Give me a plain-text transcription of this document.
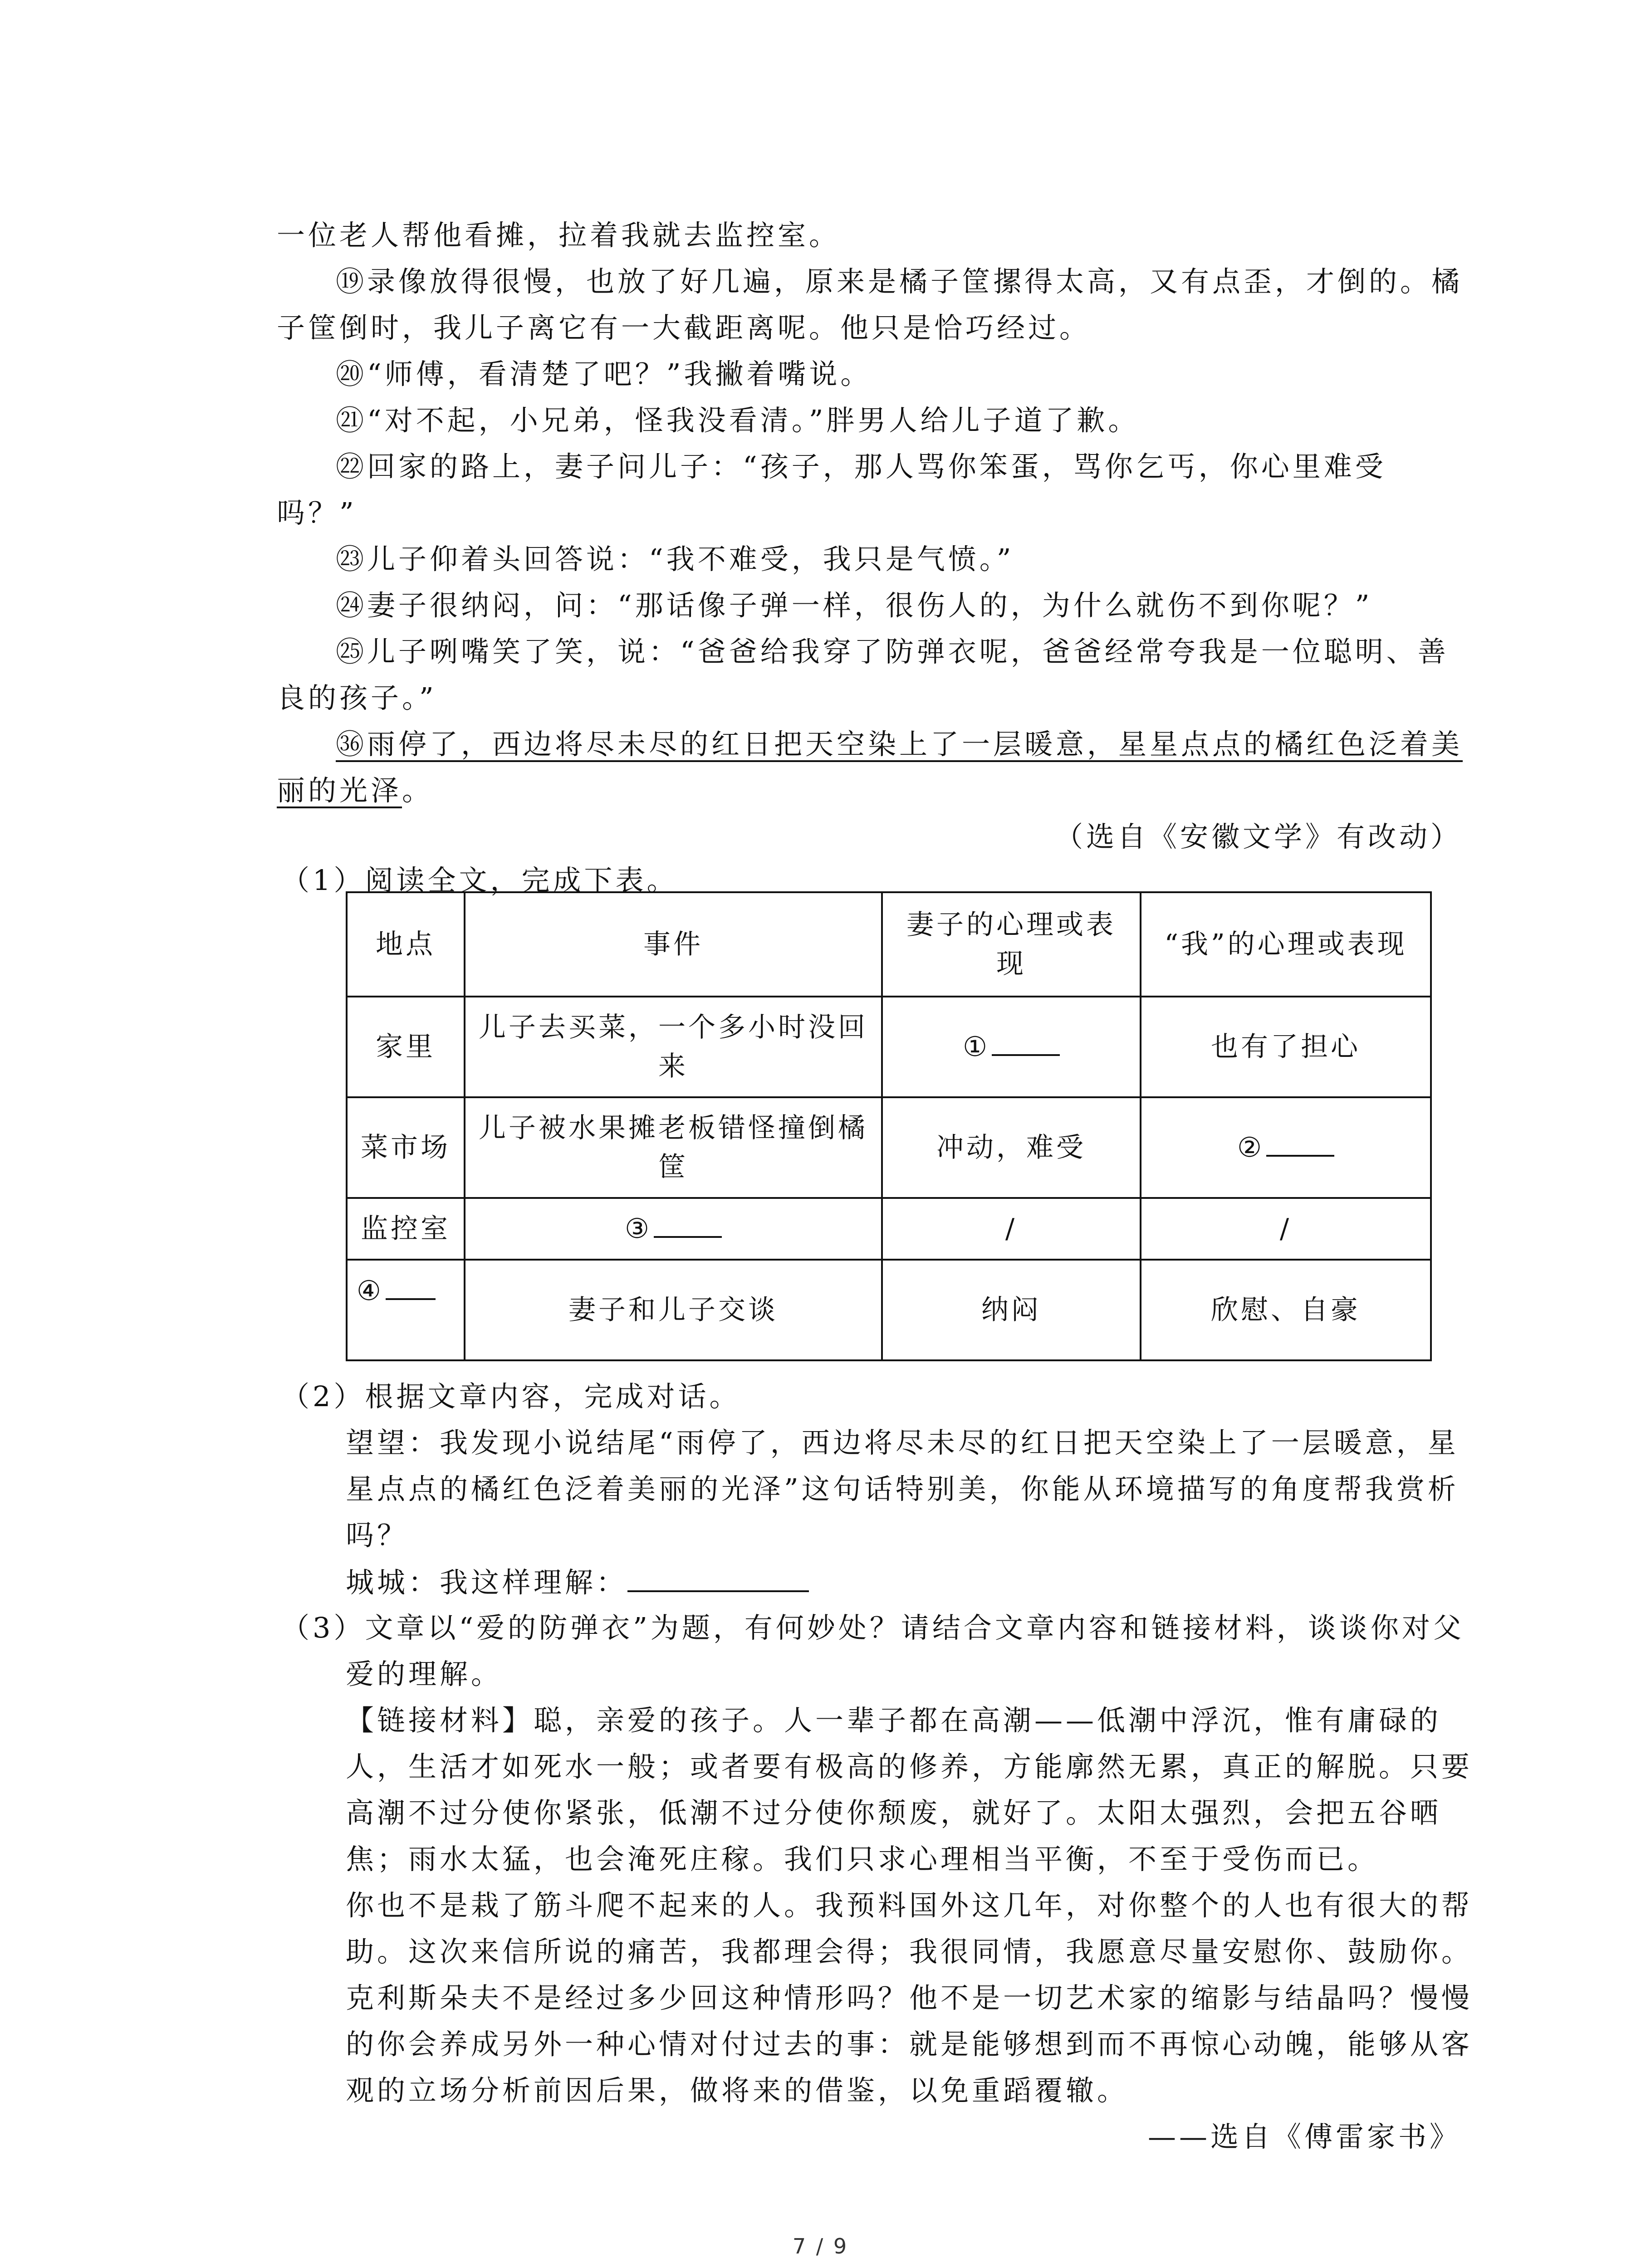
一位老人帮他看摊，拉着我就去监控室。
⑲录像放得很慢，也放了好几遍，原来是橘子筐摞得太高，又有点歪，才倒的。橘
子筐倒时，我儿子离它有一大截距离呢。他只是恰巧经过。
⑳“师傅，看清楚了吧？”我撇着嘴说。
㉑“对不起，小兄弟，怪我没看清。”胖男人给儿子道了歉。
㉒回家的路上，妻子问儿子：“孩子，那人骂你笨蛋，骂你乞丐，你心里难受
吗？”
㉓儿子仰着头回答说：“我不难受，我只是气愤。”
㉔妻子很纳闷，问：“那话像子弹一样，很伤人的，为什么就伤不到你呢？”
㉕儿子咧嘴笑了笑，说：“爸爸给我穿了防弹衣呢，爸爸经常夸我是一位聪明、善
良的孩子。”
㊱雨停了，西边将尽未尽的红日把天空染上了一层暖意，星星点点的橘红色泛着美
丽的光泽。
（选自《安徽文学》有改动）
（1）阅读全文，完成下表。
地点	事件	妻子的心理或表现	“我”的心理或表现
家里	儿子去买菜，一个多小时没回来	①	也有了担心
菜市场	儿子被水果摊老板错怪撞倒橘筐	冲动，难受	②
监控室	③	/	/
④	妻子和儿子交谈	纳闷	欣慰、自豪
（2）根据文章内容，完成对话。
望望：我发现小说结尾“雨停了，西边将尽未尽的红日把天空染上了一层暖意，星
星点点的橘红色泛着美丽的光泽”这句话特别美，你能从环境描写的角度帮我赏析
吗？
城城：我这样理解：
（3）文章以“爱的防弹衣”为题，有何妙处？请结合文章内容和链接材料，谈谈你对父
爱的理解。
【链接材料】聪，亲爱的孩子。人一辈子都在高潮——低潮中浮沉，惟有庸碌的
人，生活才如死水一般；或者要有极高的修养，方能廓然无累，真正的解脱。只要
高潮不过分使你紧张，低潮不过分使你颓废，就好了。太阳太强烈，会把五谷晒
焦；雨水太猛，也会淹死庄稼。我们只求心理相当平衡，不至于受伤而已。
你也不是栽了筋斗爬不起来的人。我预料国外这几年，对你整个的人也有很大的帮
助。这次来信所说的痛苦，我都理会得；我很同情，我愿意尽量安慰你、鼓励你。
克利斯朵夫不是经过多少回这种情形吗？他不是一切艺术家的缩影与结晶吗？慢慢
的你会养成另外一种心情对付过去的事：就是能够想到而不再惊心动魄，能够从客
观的立场分析前因后果，做将来的借鉴，以免重蹈覆辙。
——选自《傅雷家书》
7 / 9
